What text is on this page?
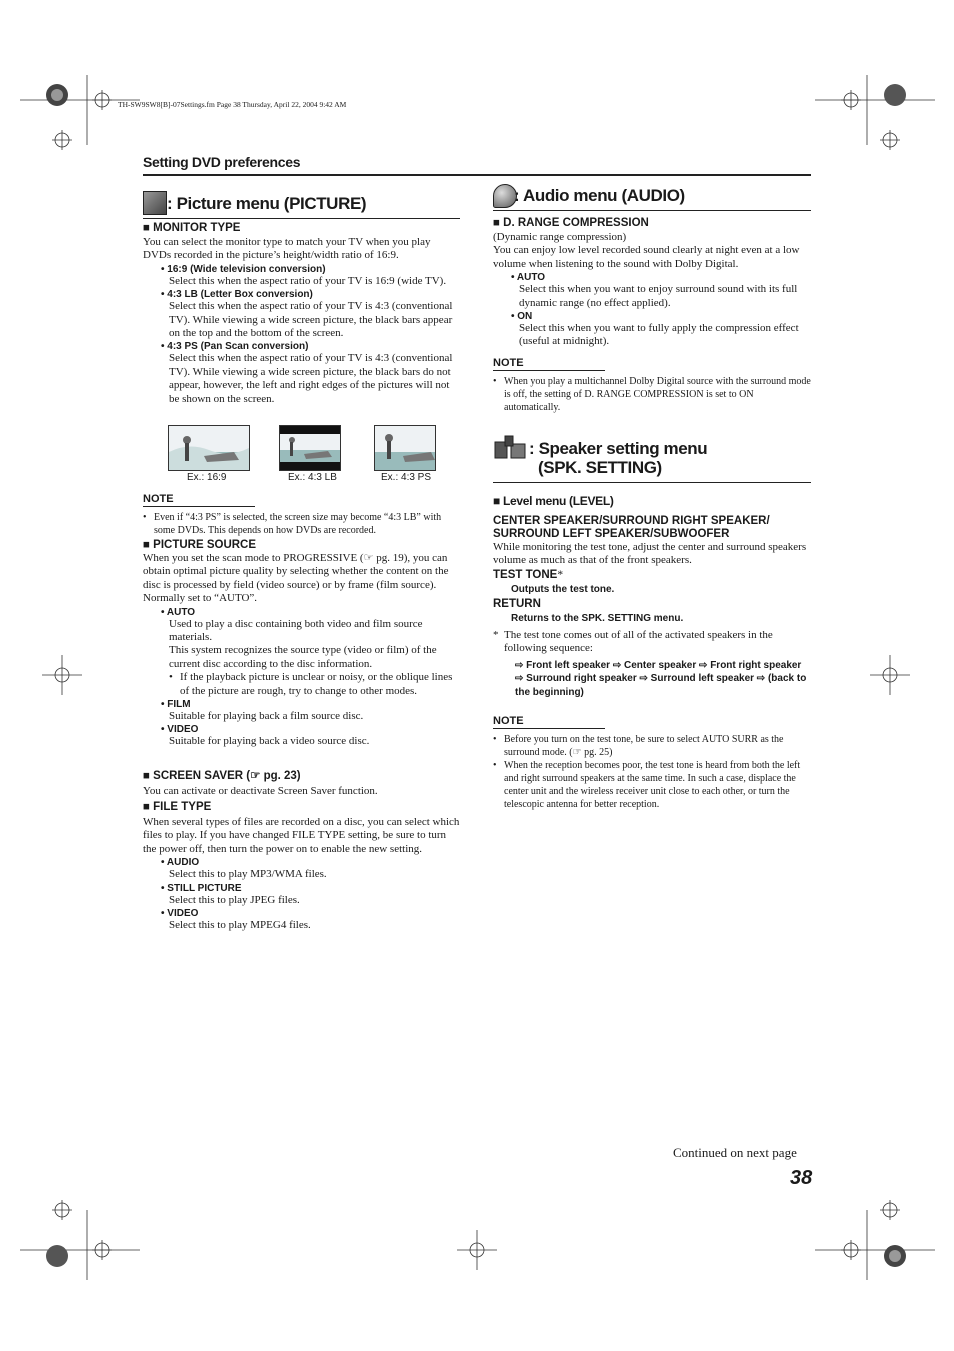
TH-SW9SW8[B]-07Settings.fm Page 38 Thursday, April 22, 2004 9:42 AM
Setting DVD preferences
: Picture menu (PICTURE)
■ MONITOR TYPE
You can select the monitor type to match your TV when you play DVDs recorded in the picture’s height/width ratio of 16:9.
• 16:9 (Wide television conversion)
Select this when the aspect ratio of your TV is 16:9 (wide TV).
• 4:3 LB (Letter Box conversion)
Select this when the aspect ratio of your TV is 4:3 (conventional TV). While viewing a wide screen picture, the black bars appear on the top and the bottom of the screen.
• 4:3 PS (Pan Scan conversion)
Select this when the aspect ratio of your TV is 4:3 (conventional TV). While viewing a wide screen picture, the black bars do not appear, however, the left and right edges of the pictures will not be shown on the screen.
Ex.: 16:9	Ex.: 4:3 LB	Ex.: 4:3 PS
NOTE
• Even if “4:3 PS” is selected, the screen size may become “4:3 LB” with some DVDs. This depends on how DVDs are recorded.
■ PICTURE SOURCE
When you set the scan mode to PROGRESSIVE (☞ pg. 19), you can obtain optimal picture quality by selecting whether the content on the disc is processed by field (video source) or by frame (film source).
Normally set to “AUTO”.
• AUTO
Used to play a disc containing both video and film source materials.
This system recognizes the source type (video or film) of the current disc according to the disc information.
• If the playback picture is unclear or noisy, or the oblique lines of the picture are rough, try to change to other modes.
• FILM
Suitable for playing back a film source disc.
• VIDEO
Suitable for playing back a video source disc.
■ SCREEN SAVER (☞ pg. 23)
You can activate or deactivate Screen Saver function.
■ FILE TYPE
When several types of files are recorded on a disc, you can select which files to play. If you have changed FILE TYPE setting, be sure to turn the power off, then turn the power on to enable the new setting.
• AUDIO
Select this to play MP3/WMA files.
• STILL PICTURE
Select this to play JPEG files.
• VIDEO
Select this to play MPEG4 files.
: Audio menu (AUDIO)
■ D. RANGE COMPRESSION
(Dynamic range compression)
You can enjoy low level recorded sound clearly at night even at a low volume when listening to the sound with Dolby Digital.
• AUTO
Select this when you want to enjoy surround sound with its full dynamic range (no effect applied).
• ON
Select this when you want to fully apply the compression effect (useful at midnight).
NOTE
• When you play a multichannel Dolby Digital source with the surround mode is off, the setting of D. RANGE COMPRESSION is set to ON automatically.
: Speaker setting menu
(SPK. SETTING)
■ Level menu (LEVEL)
CENTER SPEAKER/SURROUND RIGHT SPEAKER/
SURROUND LEFT SPEAKER/SUBWOOFER
While monitoring the test tone, adjust the center and surround speakers volume as much as that of the front speakers.
TEST TONE*
Outputs the test tone.
RETURN
Returns to the SPK. SETTING menu.
* The test tone comes out of all of the activated speakers in the following sequence:
⇨ Front left speaker ⇨ Center speaker ⇨ Front right speaker ⇨ Surround right speaker ⇨ Surround left speaker ⇨ (back to the beginning)
NOTE
• Before you turn on the test tone, be sure to select AUTO SURR as the surround mode. (☞ pg. 25)
• When the reception becomes poor, the test tone is heard from both the left and right surround speakers at the same time. In such a case, displace the center unit and the wireless receiver unit close to each other, or turn the telescopic antenna for better reception.
Continued on next page
38
